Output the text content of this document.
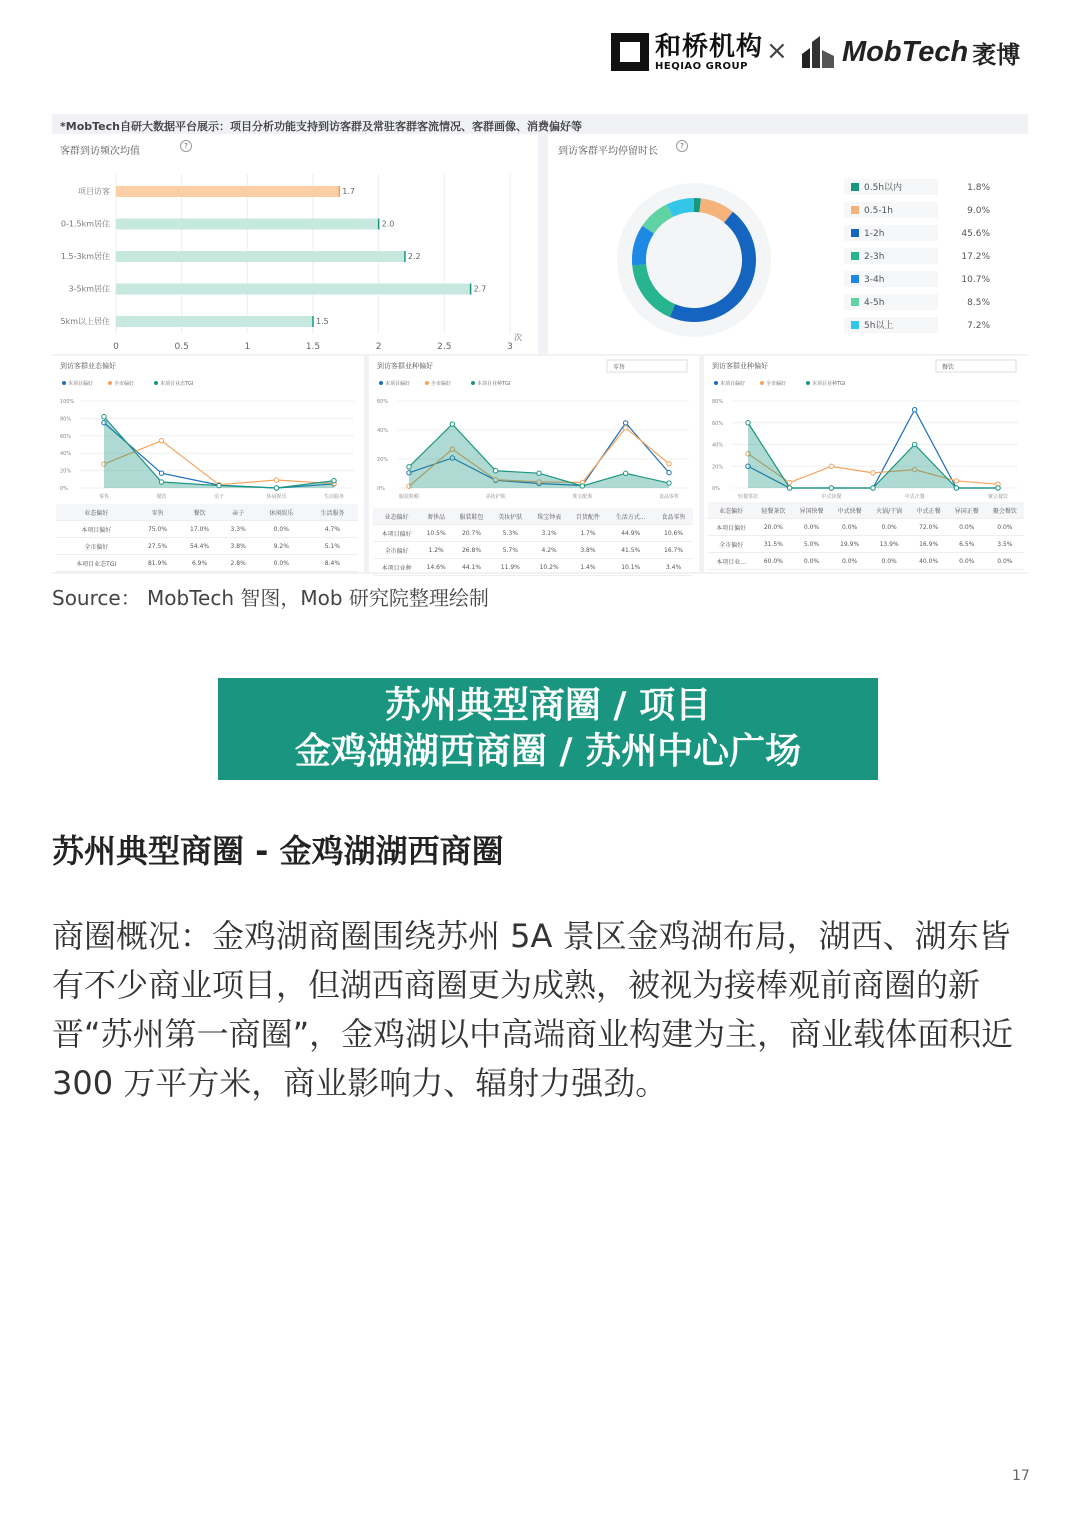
和桥机构
HEQIAO GROUP
× MobTech 袤博
*MobTech自研大数据平台展示：项目分析功能支持到访客群及常驻客群客流情况、客群画像、消费偏好等
客群到访频次均值	?
0	0.5	1	1.5	2	2.5	3
次
项目访客	1.7
0-1.5km居住	2.0
1.5-3km居住	2.2
3-5km居住	2.7
5km以上居住	1.5
到访客群平均停留时长	?
0.5h以内	1.8%
0.5-1h	9.0%
1-2h	45.6%
2-3h	17.2%
3-4h	10.7%
4-5h	8.5%
5h以上	7.2%
到访客群业态偏好
本项目偏好	全市偏好	本项目业态TGI
100%
80%
60%
40%
20%
0%
零售	餐饮	亲子	休闲娱乐	生活服务
业态偏好	零售	餐饮	亲子	休闲娱乐	生活服务
本项目偏好	75.0%	17.0%	3.3%	0.0%	4.7%
全市偏好	27.5%	54.4%	3.8%	9.2%	5.1%
本项目业态TGI	81.9%	6.9%	2.8%	0.0%	8.4%
到访客群业种偏好	零售
本项目偏好	全市偏好	本项目业种TGI
60%
40%
20%
0%
服装鞋帽	美妆护肤	珠宝配饰	食品零售
业态偏好	奢侈品	服装鞋包	美妆护肤	珠宝钟表	百货配件	生活方式...	食品零售
本项目偏好	10.5%	20.7%	5.3%	3.1%	1.7%	44.9%	10.6%
全市偏好	1.2%	26.8%	5.7%	4.2%	3.8%	41.5%	16.7%
本项目业种	14.6%	44.1%	11.9%	10.2%	1.4%	10.1%	3.4%
到访客群业种偏好	餐饮
本项目偏好	全市偏好	本项目业种TGI
80%
60%
40%
20%
0%
轻餐茶饮	中式快餐	中式正餐	聚会餐饮
业态偏好	轻餐茶饮	异国快餐	中式快餐	火锅/干锅	中式正餐	异国正餐	聚会餐饮
本项目偏好	20.0%	0.0%	0.0%	0.0%	72.0%	0.0%	0.0%
全市偏好	31.5%	5.0%	19.9%	13.9%	16.9%	6.5%	3.5%
本项目业...	60.0%	0.0%	0.0%	0.0%	40.0%	0.0%	0.0%
Source： MobTech 智图，Mob 研究院整理绘制
苏州典型商圈 / 项目
金鸡湖湖西商圈 / 苏州中心广场
苏州典型商圈 - 金鸡湖湖西商圈
商圈概况：金鸡湖商圈围绕苏州 5A 景区金鸡湖布局，湖西、湖东皆有不少商业项目，但湖西商圈更为成熟，被视为接棒观前商圈的新晋“苏州第一商圈”，金鸡湖以中高端商业构建为主，商业载体面积近 300 万平方米，商业影响力、辐射力强劲。
17
